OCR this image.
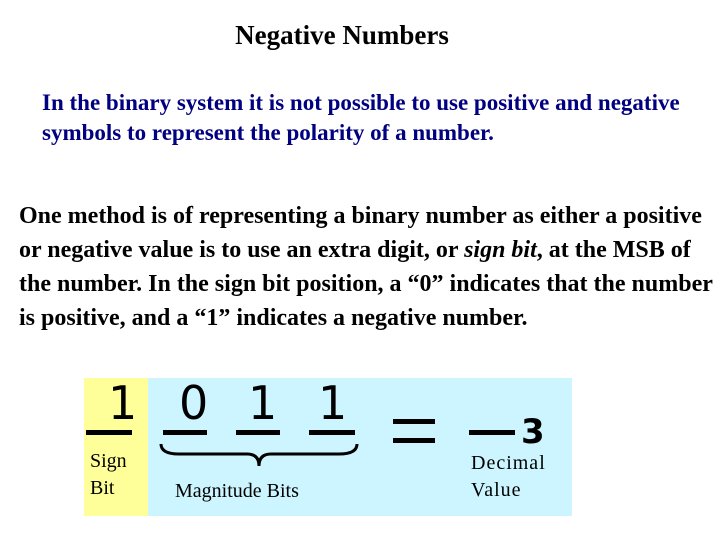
Negative Numbers

In the binary system it is not possible to use positive and negative symbols to represent the polarity of a number.

One method is of representing a binary number as either a positive or negative value is to use an extra digit, or sign bit, at the MSB of the number. In the sign bit position, a “0” indicates that the number is positive, and a “1” indicates a negative number.

1 0 1 1
3
Sign
Bit	Magnitude Bits
Decimal
Value
